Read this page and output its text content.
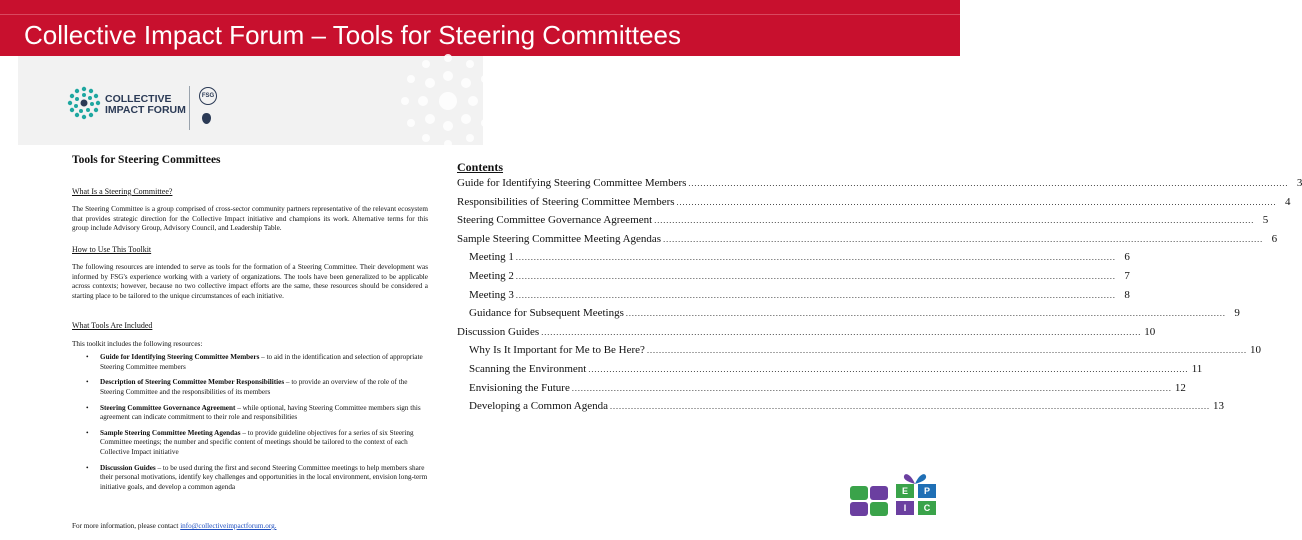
Collective Impact Forum – Tools for Steering Committees
COLLECTIVE
IMPACT FORUM
FSG
Tools for Steering Committees
What Is a Steering Committee?
The Steering Committee is a group comprised of cross-sector community partners representative of the relevant ecosystem that provides strategic direction for the Collective Impact initiative and champions its work. Alternative terms for this group include Advisory Group, Advisory Council, and Leadership Table.
How to Use This Toolkit
The following resources are intended to serve as tools for the formation of a Steering Committee. Their development was informed by FSG's experience working with a variety of organizations. The tools have been generalized to be applicable across contexts; however, because no two collective impact efforts are the same, these resources should be considered a starting place to be tailored to the unique circumstances of each initiative.
What Tools Are Included
This toolkit includes the following resources:
• Guide for Identifying Steering Committee Members – to aid in the identification and selection of appropriate Steering Committee members
• Description of Steering Committee Member Responsibilities – to provide an overview of the role of the Steering Committee and the responsibilities of its members
• Steering Committee Governance Agreement – while optional, having Steering Committee members sign this agreement can indicate commitment to their role and responsibilities
• Sample Steering Committee Meeting Agendas – to provide guideline objectives for a series of six Steering Committee meetings; the number and specific content of meetings should be tailored to the context of each Collective Impact initiative
• Discussion Guides – to be used during the first and second Steering Committee meetings to help members share their personal motivations, identify key challenges and opportunities in the local environment, envision long-term initiative goals, and develop a common agenda
For more information, please contact info@collectiveimpactforum.org.
Contents
Guide for Identifying Steering Committee Members ........................................................................................................................................................................................................ 3
Responsibilities of Steering Committee Members ........................................................................................................................................................................................................ 4
Steering Committee Governance Agreement ........................................................................................................................................................................................................ 5
Sample Steering Committee Meeting Agendas ........................................................................................................................................................................................................ 6
Meeting 1 ........................................................................................................................................................................................................ 6
Meeting 2 ........................................................................................................................................................................................................ 7
Meeting 3 ........................................................................................................................................................................................................ 8
Guidance for Subsequent Meetings ........................................................................................................................................................................................................ 9
Discussion Guides ........................................................................................................................................................................................................ 10
Why Is It Important for Me to Be Here? ........................................................................................................................................................................................................ 10
Scanning the Environment ........................................................................................................................................................................................................ 11
Envisioning the Future ........................................................................................................................................................................................................ 12
Developing a Common Agenda ........................................................................................................................................................................................................ 13
E	P
I	C
